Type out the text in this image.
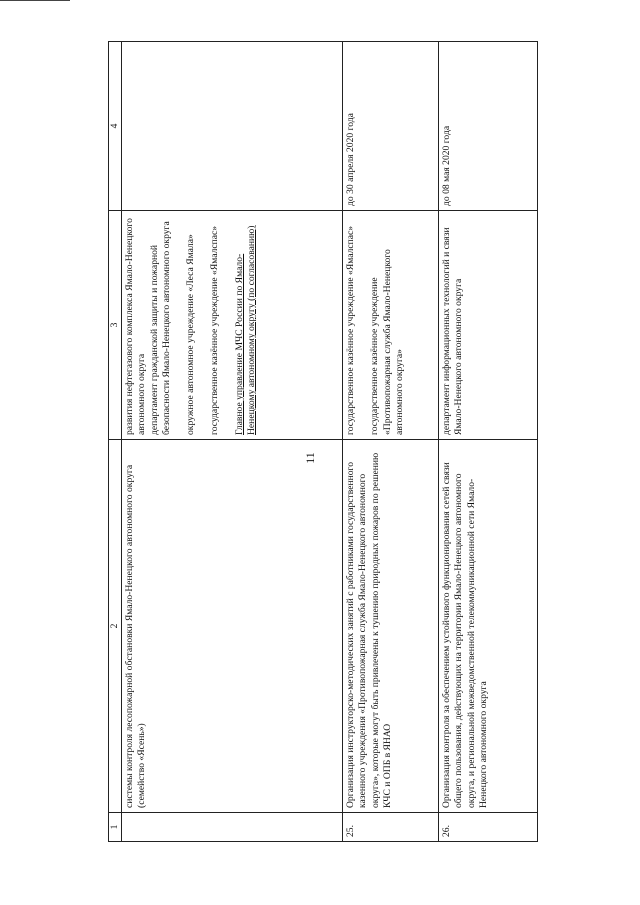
11
1	2	3	4
	системы контроля лесопожарной обстановки Ямало-Ненецкого автономного округа (семейство «Ясень»)	развития нефтегазового комплекса Ямало-Ненецкого автономного округа департамент гражданской защиты и пожарной безопасности Ямало-Ненецкого автономного округа окружное автономное учреждение «Леса Ямала» государственное казённое учреждение «Ямалспас» Главное управление МЧС России по Ямало-Ненецкому автономному округу (по согласованию)	

25.	Организация инструкторско-методических занятий с работниками государственного казенного учреждения «Противопожарная служба Ямало-Ненецкого автономного округа», которые могут быть привлечены к тушению природных пожаров по решению КЧС и ОПБ в ЯНАО	государственное казённое учреждение «Ямалспас» государственное казённое учреждение «Противопожарная служба Ямало-Ненецкого автономного округа»	до 30 апреля 2020 года
26.	Организация контроля за обеспечением устойчивого функционирования сетей связи общего пользования, действующих на территории Ямало-Ненецкого автономного округа, и региональной межведомственной телекоммуникационной сети Ямало-Ненецкого автономного округа	департамент информационных технологий и связи Ямало-Ненецкого автономного округа	до 08 мая 2020 года
